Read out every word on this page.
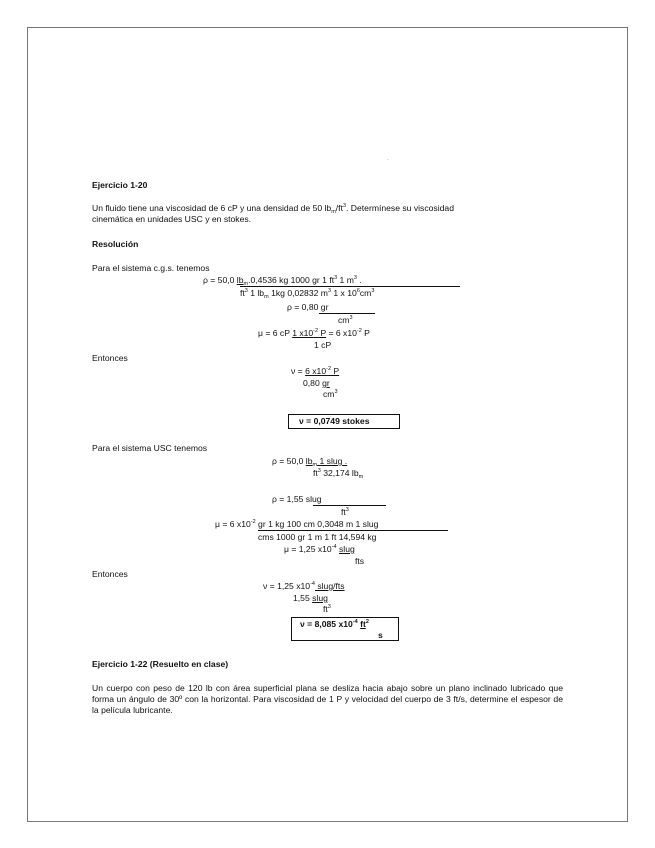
.
Ejercicio 1-20
Un fluido tiene una viscosidad de 6 cP y una densidad de 50 $lb_m/ft^3$. Determínese su viscosidad
cinemática en unidades USC y en stokes.
Resolución
Para el sistema c.g.s. tenemos
ρ = 50,0 $lb_m.0,4536$ kg 1000 gr 1 $ft^3$ 1 $m^3$ .
$ft^3$ 1 $lb_m$ 1kg 0,02832 $m^3$ 1 x $10^6cm^3$
ρ = 0,80 gr
$cm^3$
μ = 6 cP 1 $x10^{-2}$ P = 6 $x10^{-2}$ P
1 cP
Entonces
ν = 6 $x10^{-2}$ P
0,80 gr
$cm^3$
ν = 0,0749 stokes
Para el sistema USC tenemos
ρ = 50,0 $lb_m$ 1 slug .
$ft^3$ 32,174 $lb_m$
ρ = 1,55 slug
$ft^3$
μ = 6 $x10^{-2}$ gr 1 kg 100 cm 0,3048 m 1 slug
cms 1000 gr 1 m 1 ft 14,594 kg
μ = 1,25 $x10^{-4}$ slug
fts
Entonces
ν = 1,25 $x10^{-4}$ slug/fts
1,55 slug
$ft^3$
ν = 8,085 $x10^{-4}$ $ft^2$
s
Ejercicio 1-22 (Resuelto en clase)
Un cuerpo con peso de 120 lb con área superficial plana se desliza hacia abajo sobre un plano inclinado lubricado que forma un ángulo de 30º con la horizontal. Para viscosidad de 1 P y velocidad del cuerpo de 3 ft/s, determine el espesor de la película lubricante.
